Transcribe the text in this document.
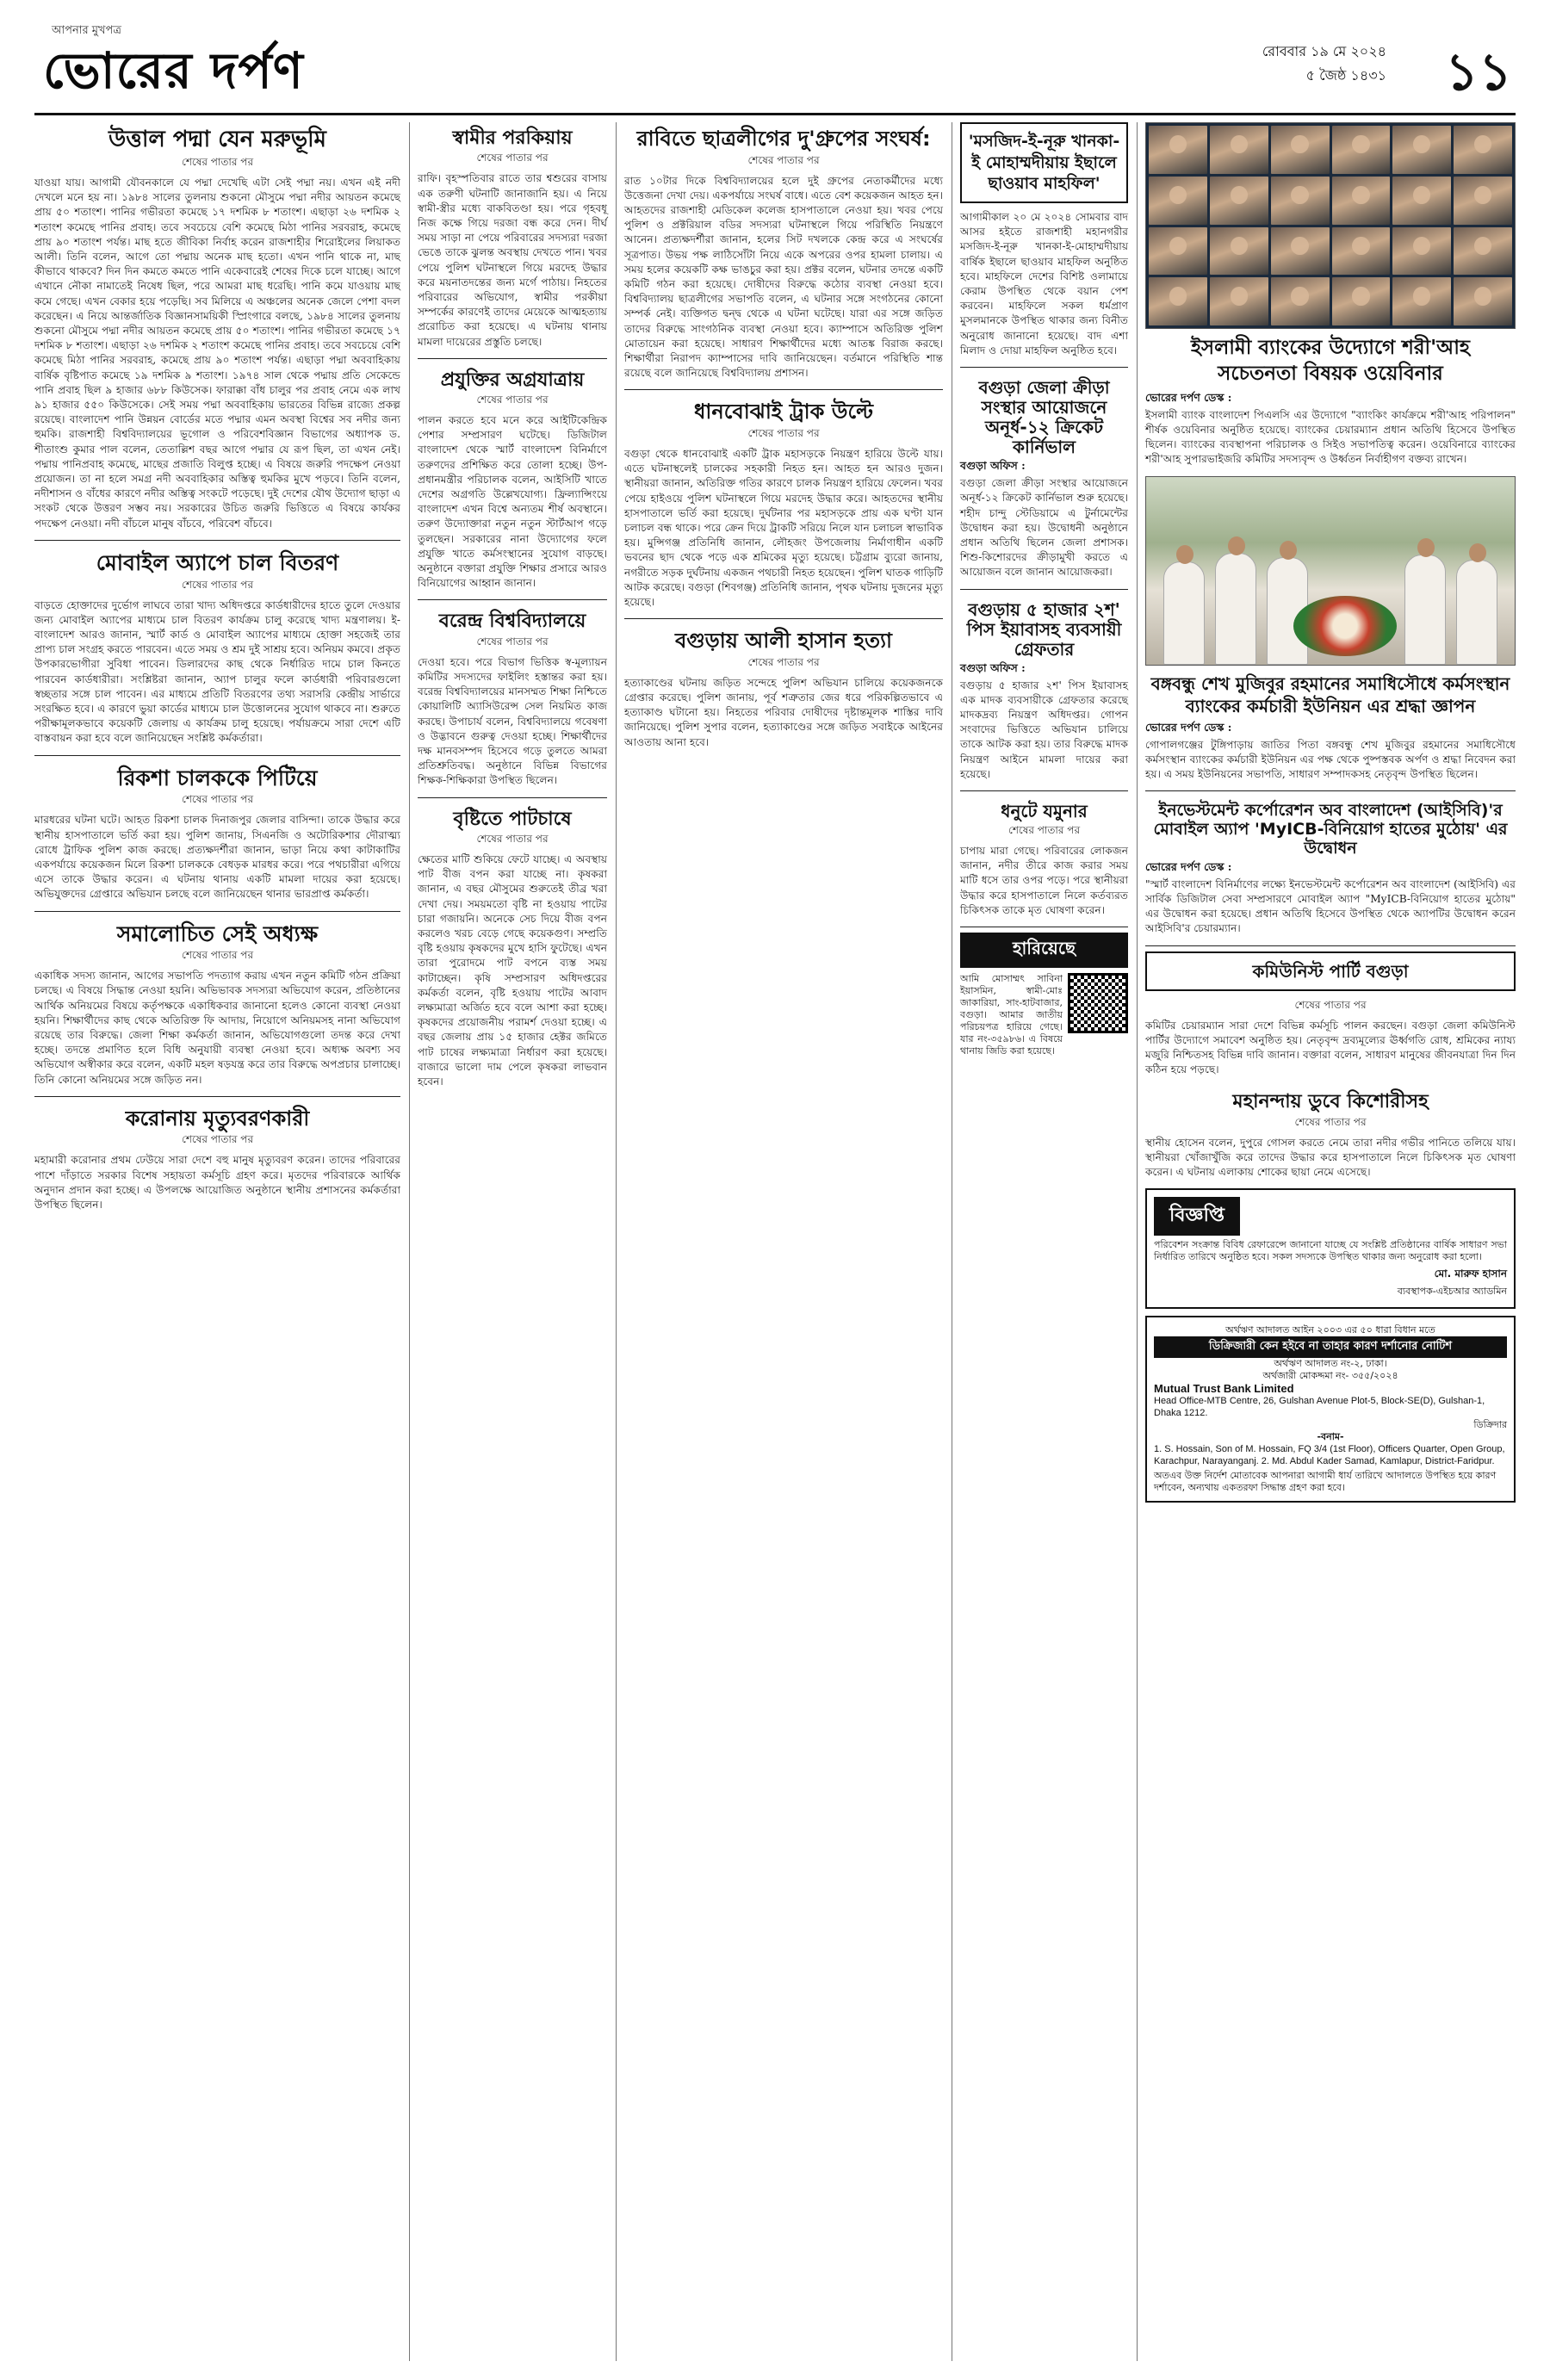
আপনার মুখপত্র
ভোরের দর্পণ	রোববার ১৯ মে ২০২৪
৫ জৈষ্ঠ ১৪৩১ ১১
উত্তাল পদ্মা যেন মরুভূমি
শেষের পাতার পর
যাওয়া যায়। আগামী যৌবনকালে যে পদ্মা দেখেছি এটা সেই পদ্মা নয়। এখন এই নদী দেখলে মনে হয় না। ১৯৮৪ সালের তুলনায় শুকনো মৌসুমে পদ্মা নদীর আয়তন কমেছে প্রায় ৫০ শতাংশ। পানির গভীরতা কমেছে ১৭ দশমিক ৮ শতাংশ। এছাড়া ২৬ দশমিক ২ শতাংশ কমেছে পানির প্রবাহ। তবে সবচেয়ে বেশি কমেছে মিঠা পানির সরবরাহ, কমেছে প্রায় ৯০ শতাংশ পর্যন্ত। মাছ হতে জীবিকা নির্বাহ করেন রাজশাহীর শিরোইলের লিয়াকত আলী। তিনি বলেন, আগে তো পদ্মায় অনেক মাছ হতো। এখন পানি থাকে না, মাছ কীভাবে থাকবে? দিন দিন কমতে কমতে পানি একেবারেই শেষের দিকে চলে যাচ্ছে। আগে এখানে নৌকা নামাতেই নিষেধ ছিল, পরে আমরা মাছ ধরেছি। পানি কমে যাওয়ায় মাছ কমে গেছে। এখন বেকার হয়ে পড়েছি। সব মিলিয়ে এ অঞ্চলের অনেক জেলে পেশা বদল করেছেন। এ নিয়ে আন্তর্জাতিক বিজ্ঞানসাময়িকী স্প্রিংগারে বলছে, ১৯৮৪ সালের তুলনায় শুকনো মৌসুমে পদ্মা নদীর আয়তন কমেছে প্রায় ৫০ শতাংশ। পানির গভীরতা কমেছে ১৭ দশমিক ৮ শতাংশ। এছাড়া ২৬ দশমিক ২ শতাংশ কমেছে পানির প্রবাহ। তবে সবচেয়ে বেশি কমেছে মিঠা পানির সরবরাহ, কমেছে প্রায় ৯০ শতাংশ পর্যন্ত। এছাড়া পদ্মা অববাহিকায় বার্ষিক বৃষ্টিপাত কমেছে ১৯ দশমিক ৯ শতাংশ। ১৯৭৪ সাল থেকে পদ্মায় প্রতি সেকেন্ডে পানি প্রবাহ ছিল ৯ হাজার ৬৮৮ কিউসেক। ফারাক্কা বাঁধ চালুর পর প্রবাহ নেমে এক লাখ ৯১ হাজার ৫৫০ কিউসেকে। সেই সময় পদ্মা অববাহিকায় ভারতের বিভিন্ন রাজ্যে প্রকল্প রয়েছে। বাংলাদেশ পানি উন্নয়ন বোর্ডের মতে পদ্মার এমন অবস্থা বিশ্বের সব নদীর জন্য হুমকি। রাজশাহী বিশ্ববিদ্যালয়ের ভূগোল ও পরিবেশবিজ্ঞান বিভাগের অধ্যাপক ড. শীতাংশু কুমার পাল বলেন, তেতাল্লিশ বছর আগে পদ্মার যে রূপ ছিল, তা এখন নেই। পদ্মায় পানিপ্রবাহ কমেছে, মাছের প্রজাতি বিলুপ্ত হচ্ছে। এ বিষয়ে জরুরি পদক্ষেপ নেওয়া প্রয়োজন। তা না হলে সমগ্র নদী অববাহিকার অস্তিত্ব হুমকির মুখে পড়বে। তিনি বলেন, নদীশাসন ও বাঁধের কারণে নদীর অস্তিত্ব সংকটে পড়েছে। দুই দেশের যৌথ উদ্যোগ ছাড়া এ সংকট থেকে উত্তরণ সম্ভব নয়। সরকারের উচিত জরুরি ভিত্তিতে এ বিষয়ে কার্যকর পদক্ষেপ নেওয়া। নদী বাঁচলে মানুষ বাঁচবে, পরিবেশ বাঁচবে।
মোবাইল অ্যাপে চাল বিতরণ
শেষের পাতার পর
বাড়তে হোক্তাদের দুর্ভোগ লাঘবে তারা খাদ্য অধিদপ্তরে কার্ডধারীদের হাতে তুলে দেওয়ার জন্য মোবাইল অ্যাপের মাধ্যমে চাল বিতরণ কার্যক্রম চালু করেছে খাদ্য মন্ত্রণালয়। ই-বাংলাদেশ আরও জানান, স্মার্ট কার্ড ও মোবাইল অ্যাপের মাধ্যমে হোক্তা সহজেই তার প্রাপ্য চাল সংগ্রহ করতে পারবেন। এতে সময় ও শ্রম দুই সাশ্রয় হবে। অনিয়ম কমবে। প্রকৃত উপকারভোগীরা সুবিধা পাবেন। ডিলারদের কাছ থেকে নির্ধারিত দামে চাল কিনতে পারবেন কার্ডধারীরা। সংশ্লিষ্টরা জানান, অ্যাপ চালুর ফলে কার্ডধারী পরিবারগুলো স্বচ্ছতার সঙ্গে চাল পাবেন। এর মাধ্যমে প্রতিটি বিতরণের তথ্য সরাসরি কেন্দ্রীয় সার্ভারে সংরক্ষিত হবে। এ কারণে ভুয়া কার্ডের মাধ্যমে চাল উত্তোলনের সুযোগ থাকবে না। শুরুতে পরীক্ষামূলকভাবে কয়েকটি জেলায় এ কার্যক্রম চালু হয়েছে। পর্যায়ক্রমে সারা দেশে এটি বাস্তবায়ন করা হবে বলে জানিয়েছেন সংশ্লিষ্ট কর্মকর্তারা।
রিকশা চালককে পিটিয়ে
শেষের পাতার পর
মারধরের ঘটনা ঘটে। আহত রিকশা চালক দিনাজপুর জেলার বাসিন্দা। তাকে উদ্ধার করে স্থানীয় হাসপাতালে ভর্তি করা হয়। পুলিশ জানায়, সিএনজি ও অটোরিকশার দৌরাত্ম্য রোধে ট্রাফিক পুলিশ কাজ করছে। প্রত্যক্ষদর্শীরা জানান, ভাড়া নিয়ে কথা কাটাকাটির একপর্যায়ে কয়েকজন মিলে রিকশা চালককে বেধড়ক মারধর করে। পরে পথচারীরা এগিয়ে এসে তাকে উদ্ধার করেন। এ ঘটনায় থানায় একটি মামলা দায়ের করা হয়েছে। অভিযুক্তদের গ্রেপ্তারে অভিযান চলছে বলে জানিয়েছেন থানার ভারপ্রাপ্ত কর্মকর্তা।
সমালোচিত সেই অধ্যক্ষ
শেষের পাতার পর
একাধিক সদস্য জানান, আগের সভাপতি পদত্যাগ করায় এখন নতুন কমিটি গঠন প্রক্রিয়া চলছে। এ বিষয়ে সিদ্ধান্ত নেওয়া হয়নি। অভিভাবক সদস্যরা অভিযোগ করেন, প্রতিষ্ঠানের আর্থিক অনিয়মের বিষয়ে কর্তৃপক্ষকে একাধিকবার জানানো হলেও কোনো ব্যবস্থা নেওয়া হয়নি। শিক্ষার্থীদের কাছ থেকে অতিরিক্ত ফি আদায়, নিয়োগে অনিয়মসহ নানা অভিযোগ রয়েছে তার বিরুদ্ধে। জেলা শিক্ষা কর্মকর্তা জানান, অভিযোগগুলো তদন্ত করে দেখা হচ্ছে। তদন্তে প্রমাণিত হলে বিধি অনুযায়ী ব্যবস্থা নেওয়া হবে। অধ্যক্ষ অবশ্য সব অভিযোগ অস্বীকার করে বলেন, একটি মহল ষড়যন্ত্র করে তার বিরুদ্ধে অপপ্রচার চালাচ্ছে। তিনি কোনো অনিয়মের সঙ্গে জড়িত নন।
করোনায় মৃত্যুবরণকারী
শেষের পাতার পর
মহামারী করোনার প্রথম ঢেউয়ে সারা দেশে বহু মানুষ মৃত্যুবরণ করেন। তাদের পরিবারের পাশে দাঁড়াতে সরকার বিশেষ সহায়তা কর্মসূচি গ্রহণ করে। মৃতদের পরিবারকে আর্থিক অনুদান প্রদান করা হচ্ছে। এ উপলক্ষে আয়োজিত অনুষ্ঠানে স্থানীয় প্রশাসনের কর্মকর্তারা উপস্থিত ছিলেন।
স্বামীর পরকিয়ায়
শেষের পাতার পর
রাফি। বৃহস্পতিবার রাতে তার শ্বশুরের বাসায় এক তরুণী ঘটনাটি জানাজানি হয়। এ নিয়ে স্বামী-স্ত্রীর মধ্যে বাকবিতণ্ডা হয়। পরে গৃহবধূ নিজ কক্ষে গিয়ে দরজা বন্ধ করে দেন। দীর্ঘ সময় সাড়া না পেয়ে পরিবারের সদস্যরা দরজা ভেঙে তাকে ঝুলন্ত অবস্থায় দেখতে পান। খবর পেয়ে পুলিশ ঘটনাস্থলে গিয়ে মরদেহ উদ্ধার করে ময়নাতদন্তের জন্য মর্গে পাঠায়। নিহতের পরিবারের অভিযোগ, স্বামীর পরকীয়া সম্পর্কের কারণেই তাদের মেয়েকে আত্মহত্যায় প্ররোচিত করা হয়েছে। এ ঘটনায় থানায় মামলা দায়েরের প্রস্তুতি চলছে।
প্রযুক্তির অগ্রযাত্রায়
শেষের পাতার পর
পালন করতে হবে মনে করে আইটিকেন্দ্রিক পেশার সম্প্রসারণ ঘটেছে। ডিজিটাল বাংলাদেশ থেকে স্মার্ট বাংলাদেশ বিনির্মাণে তরুণদের প্রশিক্ষিত করে তোলা হচ্ছে। উপ-প্রধানমন্ত্রীর পরিচালক বলেন, আইসিটি খাতে দেশের অগ্রগতি উল্লেখযোগ্য। ফ্রিল্যান্সিংয়ে বাংলাদেশ এখন বিশ্বে অন্যতম শীর্ষ অবস্থানে। তরুণ উদ্যোক্তারা নতুন নতুন স্টার্টআপ গড়ে তুলছেন। সরকারের নানা উদ্যোগের ফলে প্রযুক্তি খাতে কর্মসংস্থানের সুযোগ বাড়ছে। অনুষ্ঠানে বক্তারা প্রযুক্তি শিক্ষার প্রসারে আরও বিনিয়োগের আহ্বান জানান।
বরেন্দ্র বিশ্ববিদ্যালয়ে
শেষের পাতার পর
দেওয়া হবে। পরে বিভাগ ভিত্তিক স্ব-মূল্যায়ন কমিটির সদস্যদের ফাইলিং হস্তান্তর করা হয়। বরেন্দ্র বিশ্ববিদ্যালয়ের মানসম্মত শিক্ষা নিশ্চিতে কোয়ালিটি অ্যাসিউরেন্স সেল নিয়মিত কাজ করছে। উপাচার্য বলেন, বিশ্ববিদ্যালয়ে গবেষণা ও উদ্ভাবনে গুরুত্ব দেওয়া হচ্ছে। শিক্ষার্থীদের দক্ষ মানবসম্পদ হিসেবে গড়ে তুলতে আমরা প্রতিশ্রুতিবদ্ধ। অনুষ্ঠানে বিভিন্ন বিভাগের শিক্ষক-শিক্ষিকারা উপস্থিত ছিলেন।
বৃষ্টিতে পাটচাষে
শেষের পাতার পর
ক্ষেতের মাটি শুকিয়ে ফেটে যাচ্ছে। এ অবস্থায় পাট বীজ বপন করা যাচ্ছে না। কৃষকরা জানান, এ বছর মৌসুমের শুরুতেই তীব্র খরা দেখা দেয়। সময়মতো বৃষ্টি না হওয়ায় পাটের চারা গজায়নি। অনেকে সেচ দিয়ে বীজ বপন করলেও খরচ বেড়ে গেছে কয়েকগুণ। সম্প্রতি বৃষ্টি হওয়ায় কৃষকদের মুখে হাসি ফুটেছে। এখন তারা পুরোদমে পাট বপনে ব্যস্ত সময় কাটাচ্ছেন। কৃষি সম্প্রসারণ অধিদপ্তরের কর্মকর্তা বলেন, বৃষ্টি হওয়ায় পাটের আবাদ লক্ষ্যমাত্রা অর্জিত হবে বলে আশা করা হচ্ছে। কৃষকদের প্রয়োজনীয় পরামর্শ দেওয়া হচ্ছে। এ বছর জেলায় প্রায় ১৫ হাজার হেক্টর জমিতে পাট চাষের লক্ষ্যমাত্রা নির্ধারণ করা হয়েছে। বাজারে ভালো দাম পেলে কৃষকরা লাভবান হবেন।
রাবিতে ছাত্রলীগের দু'গ্রুপের সংঘর্ষ:
শেষের পাতার পর
রাত ১০টার দিকে বিশ্ববিদ্যালয়ের হলে দুই গ্রুপের নেতাকর্মীদের মধ্যে উত্তেজনা দেখা দেয়। একপর্যায়ে সংঘর্ষ বাধে। এতে বেশ কয়েকজন আহত হন। আহতদের রাজশাহী মেডিকেল কলেজ হাসপাতালে নেওয়া হয়। খবর পেয়ে পুলিশ ও প্রক্টরিয়াল বডির সদস্যরা ঘটনাস্থলে গিয়ে পরিস্থিতি নিয়ন্ত্রণে আনেন। প্রত্যক্ষদর্শীরা জানান, হলের সিট দখলকে কেন্দ্র করে এ সংঘর্ষের সূত্রপাত। উভয় পক্ষ লাঠিসোঁটা নিয়ে একে অপরের ওপর হামলা চালায়। এ সময় হলের কয়েকটি কক্ষ ভাঙচুর করা হয়। প্রক্টর বলেন, ঘটনার তদন্তে একটি কমিটি গঠন করা হয়েছে। দোষীদের বিরুদ্ধে কঠোর ব্যবস্থা নেওয়া হবে। বিশ্ববিদ্যালয় ছাত্রলীগের সভাপতি বলেন, এ ঘটনার সঙ্গে সংগঠনের কোনো সম্পর্ক নেই। ব্যক্তিগত দ্বন্দ্ব থেকে এ ঘটনা ঘটেছে। যারা এর সঙ্গে জড়িত তাদের বিরুদ্ধে সাংগঠনিক ব্যবস্থা নেওয়া হবে। ক্যাম্পাসে অতিরিক্ত পুলিশ মোতায়েন করা হয়েছে। সাধারণ শিক্ষার্থীদের মধ্যে আতঙ্ক বিরাজ করছে। শিক্ষার্থীরা নিরাপদ ক্যাম্পাসের দাবি জানিয়েছেন। বর্তমানে পরিস্থিতি শান্ত রয়েছে বলে জানিয়েছে বিশ্ববিদ্যালয় প্রশাসন।
ধানবোঝাই ট্রাক উল্টে
শেষের পাতার পর
বগুড়া থেকে ধানবোঝাই একটি ট্রাক মহাসড়কে নিয়ন্ত্রণ হারিয়ে উল্টে যায়। এতে ঘটনাস্থলেই চালকের সহকারী নিহত হন। আহত হন আরও দুজন। স্থানীয়রা জানান, অতিরিক্ত গতির কারণে চালক নিয়ন্ত্রণ হারিয়ে ফেলেন। খবর পেয়ে হাইওয়ে পুলিশ ঘটনাস্থলে গিয়ে মরদেহ উদ্ধার করে। আহতদের স্থানীয় হাসপাতালে ভর্তি করা হয়েছে। দুর্ঘটনার পর মহাসড়কে প্রায় এক ঘণ্টা যান চলাচল বন্ধ থাকে। পরে ক্রেন দিয়ে ট্রাকটি সরিয়ে নিলে যান চলাচল স্বাভাবিক হয়। মুন্সিগঞ্জ প্রতিনিধি জানান, লৌহজং উপজেলায় নির্মাণাধীন একটি ভবনের ছাদ থেকে পড়ে এক শ্রমিকের মৃত্যু হয়েছে। চট্টগ্রাম ব্যুরো জানায়, নগরীতে সড়ক দুর্ঘটনায় একজন পথচারী নিহত হয়েছেন। পুলিশ ঘাতক গাড়িটি আটক করেছে। বগুড়া (শিবগঞ্জ) প্রতিনিধি জানান, পৃথক ঘটনায় দুজনের মৃত্যু হয়েছে।
বগুড়ায় আলী হাসান হত্যা
শেষের পাতার পর
হত্যাকাণ্ডের ঘটনায় জড়িত সন্দেহে পুলিশ অভিযান চালিয়ে কয়েকজনকে গ্রেপ্তার করেছে। পুলিশ জানায়, পূর্ব শত্রুতার জের ধরে পরিকল্পিতভাবে এ হত্যাকাণ্ড ঘটানো হয়। নিহতের পরিবার দোষীদের দৃষ্টান্তমূলক শাস্তির দাবি জানিয়েছে। পুলিশ সুপার বলেন, হত্যাকাণ্ডের সঙ্গে জড়িত সবাইকে আইনের আওতায় আনা হবে।
'মসজিদ-ই-নূরু খানকা-ই মোহাম্মদীয়ায় ইছালে ছাওয়াব মাহফিল'
আগামীকাল ২০ মে ২০২৪ সোমবার বাদ আসর হইতে রাজশাহী মহানগরীর মসজিদ-ই-নূরু খানকা-ই-মোহাম্মদীয়ায় বার্ষিক ইছালে ছাওয়াব মাহফিল অনুষ্ঠিত হবে। মাহফিলে দেশের বিশিষ্ট ওলামায়ে কেরাম উপস্থিত থেকে বয়ান পেশ করবেন। মাহফিলে সকল ধর্মপ্রাণ মুসলমানকে উপস্থিত থাকার জন্য বিনীত অনুরোধ জানানো হয়েছে। বাদ এশা মিলাদ ও দোয়া মাহফিল অনুষ্ঠিত হবে।
বগুড়া জেলা ক্রীড়া সংস্থার আয়োজনে অনূর্ধ-১২ ক্রিকেট কার্নিভাল
বগুড়া অফিস :
বগুড়া জেলা ক্রীড়া সংস্থার আয়োজনে অনূর্ধ-১২ ক্রিকেট কার্নিভাল শুরু হয়েছে। শহীদ চান্দু স্টেডিয়ামে এ টুর্নামেন্টের উদ্বোধন করা হয়। উদ্বোধনী অনুষ্ঠানে প্রধান অতিথি ছিলেন জেলা প্রশাসক। শিশু-কিশোরদের ক্রীড়ামুখী করতে এ আয়োজন বলে জানান আয়োজকরা।
বগুড়ায় ৫ হাজার ২শ' পিস ইয়াবাসহ ব্যবসায়ী গ্রেফতার
বগুড়া অফিস :
বগুড়ায় ৫ হাজার ২শ' পিস ইয়াবাসহ এক মাদক ব্যবসায়ীকে গ্রেফতার করেছে মাদকদ্রব্য নিয়ন্ত্রণ অধিদপ্তর। গোপন সংবাদের ভিত্তিতে অভিযান চালিয়ে তাকে আটক করা হয়। তার বিরুদ্ধে মাদক নিয়ন্ত্রণ আইনে মামলা দায়ের করা হয়েছে।
ধনুটে যমুনার
শেষের পাতার পর
চাপায় মারা গেছে। পরিবারের লোকজন জানান, নদীর তীরে কাজ করার সময় মাটি ধসে তার ওপর পড়ে। পরে স্থানীয়রা উদ্ধার করে হাসপাতালে নিলে কর্তব্যরত চিকিৎসক তাকে মৃত ঘোষণা করেন।
হারিয়েছে
আমি মোসাম্মৎ সাবিনা ইয়াসমিন, স্বামী-মোঃ জাকারিয়া, সাং-হাটবাজার, বগুড়া। আমার জাতীয় পরিচয়পত্র হারিয়ে গেছে। যার নং-৩৫৯৮৬। এ বিষয়ে থানায় জিডি করা হয়েছে।
ইসলামী ব্যাংকের উদ্যোগে শরী'আহ সচেতনতা বিষয়ক ওয়েবিনার
ভোরের দর্পণ ডেস্ক :
ইসলামী ব্যাংক বাংলাদেশ পিএলসি এর উদ্যোগে "ব্যাংকিং কার্যক্রমে শরী'আহ পরিপালন" শীর্ষক ওয়েবিনার অনুষ্ঠিত হয়েছে। ব্যাংকের চেয়ারম্যান প্রধান অতিথি হিসেবে উপস্থিত ছিলেন। ব্যাংকের ব্যবস্থাপনা পরিচালক ও সিইও সভাপতিত্ব করেন। ওয়েবিনারে ব্যাংকের শরী'আহ সুপারভাইজরি কমিটির সদস্যবৃন্দ ও উর্ধ্বতন নির্বাহীগণ বক্তব্য রাখেন।
বঙ্গবন্ধু শেখ মুজিবুর রহমানের সমাধিসৌধে কর্মসংস্থান ব্যাংকের কর্মচারী ইউনিয়ন এর শ্রদ্ধা জ্ঞাপন
ভোরের দর্পণ ডেস্ক :
গোপালগঞ্জের টুঙ্গিপাড়ায় জাতির পিতা বঙ্গবন্ধু শেখ মুজিবুর রহমানের সমাধিসৌধে কর্মসংস্থান ব্যাংকের কর্মচারী ইউনিয়ন এর পক্ষ থেকে পুষ্পস্তবক অর্পণ ও শ্রদ্ধা নিবেদন করা হয়। এ সময় ইউনিয়নের সভাপতি, সাধারণ সম্পাদকসহ নেতৃবৃন্দ উপস্থিত ছিলেন।
ইনভেস্টমেন্ট কর্পোরেশন অব বাংলাদেশ (আইসিবি)'র মোবাইল অ্যাপ 'MyICB-বিনিয়োগ হাতের মুঠোয়' এর উদ্বোধন
ভোরের দর্পণ ডেস্ক :
"স্মার্ট বাংলাদেশ বিনির্মাণের লক্ষ্যে ইনভেস্টমেন্ট কর্পোরেশন অব বাংলাদেশ (আইসিবি) এর সার্বিক ডিজিটাল সেবা সম্প্রসারণে মোবাইল অ্যাপ "MyICB-বিনিয়োগ হাতের মুঠোয়" এর উদ্বোধন করা হয়েছে। প্রধান অতিথি হিসেবে উপস্থিত থেকে অ্যাপটির উদ্বোধন করেন আইসিবি'র চেয়ারম্যান।
কমিউনিস্ট পার্টি বগুড়া
শেষের পাতার পর
কমিটির চেয়ারম্যান সারা দেশে বিভিন্ন কর্মসূচি পালন করছেন। বগুড়া জেলা কমিউনিস্ট পার্টির উদ্যোগে সমাবেশ অনুষ্ঠিত হয়। নেতৃবৃন্দ দ্রব্যমূল্যের ঊর্ধ্বগতি রোধ, শ্রমিকের ন্যায্য মজুরি নিশ্চিতসহ বিভিন্ন দাবি জানান। বক্তারা বলেন, সাধারণ মানুষের জীবনযাত্রা দিন দিন কঠিন হয়ে পড়ছে।
মহানন্দায় ডুবে কিশোরীসহ
শেষের পাতার পর
স্থানীয় হোসেন বলেন, দুপুরে গোসল করতে নেমে তারা নদীর গভীর পানিতে তলিয়ে যায়। স্থানীয়রা খোঁজাখুঁজি করে তাদের উদ্ধার করে হাসপাতালে নিলে চিকিৎসক মৃত ঘোষণা করেন। এ ঘটনায় এলাকায় শোকের ছায়া নেমে এসেছে।
বিজ্ঞপ্তি
পরিবেশন সংক্রান্ত বিবিধ রেফারেন্সে জানানো যাচ্ছে যে সংশ্লিষ্ট প্রতিষ্ঠানের বার্ষিক সাধারণ সভা নির্ধারিত তারিখে অনুষ্ঠিত হবে। সকল সদস্যকে উপস্থিত থাকার জন্য অনুরোধ করা হলো।
মো. মারুফ হাসান
ব্যবস্থাপক-এইচআর অ্যাডমিন
অর্থঋণ আদালত আইন ২০০৩ এর ৫০ ধারা বিধান মতে
ডিক্রিজারী কেন হইবে না তাহার কারণ দর্শানোর নোটিশ
অর্থঋণ আদালত নং-২, ঢাকা।
অর্থজারী মোকদ্দমা নং- ৩৫৫/২০২৪
Mutual Trust Bank Limited
Head Office-MTB Centre, 26, Gulshan Avenue Plot-5, Block-SE(D), Gulshan-1, Dhaka 1212.
ডিক্রিদার
-বনাম-
1. S. Hossain, Son of M. Hossain, FQ 3/4 (1st Floor), Officers Quarter, Open Group, Karachpur, Narayanganj. 2. Md. Abdul Kader Samad, Kamlapur, District-Faridpur.
অতএব উক্ত নির্দেশ মোতাবেক আপনারা আগামী ধার্য তারিখে আদালতে উপস্থিত হয়ে কারণ দর্শাবেন, অন্যথায় একতরফা সিদ্ধান্ত গ্রহণ করা হবে।
